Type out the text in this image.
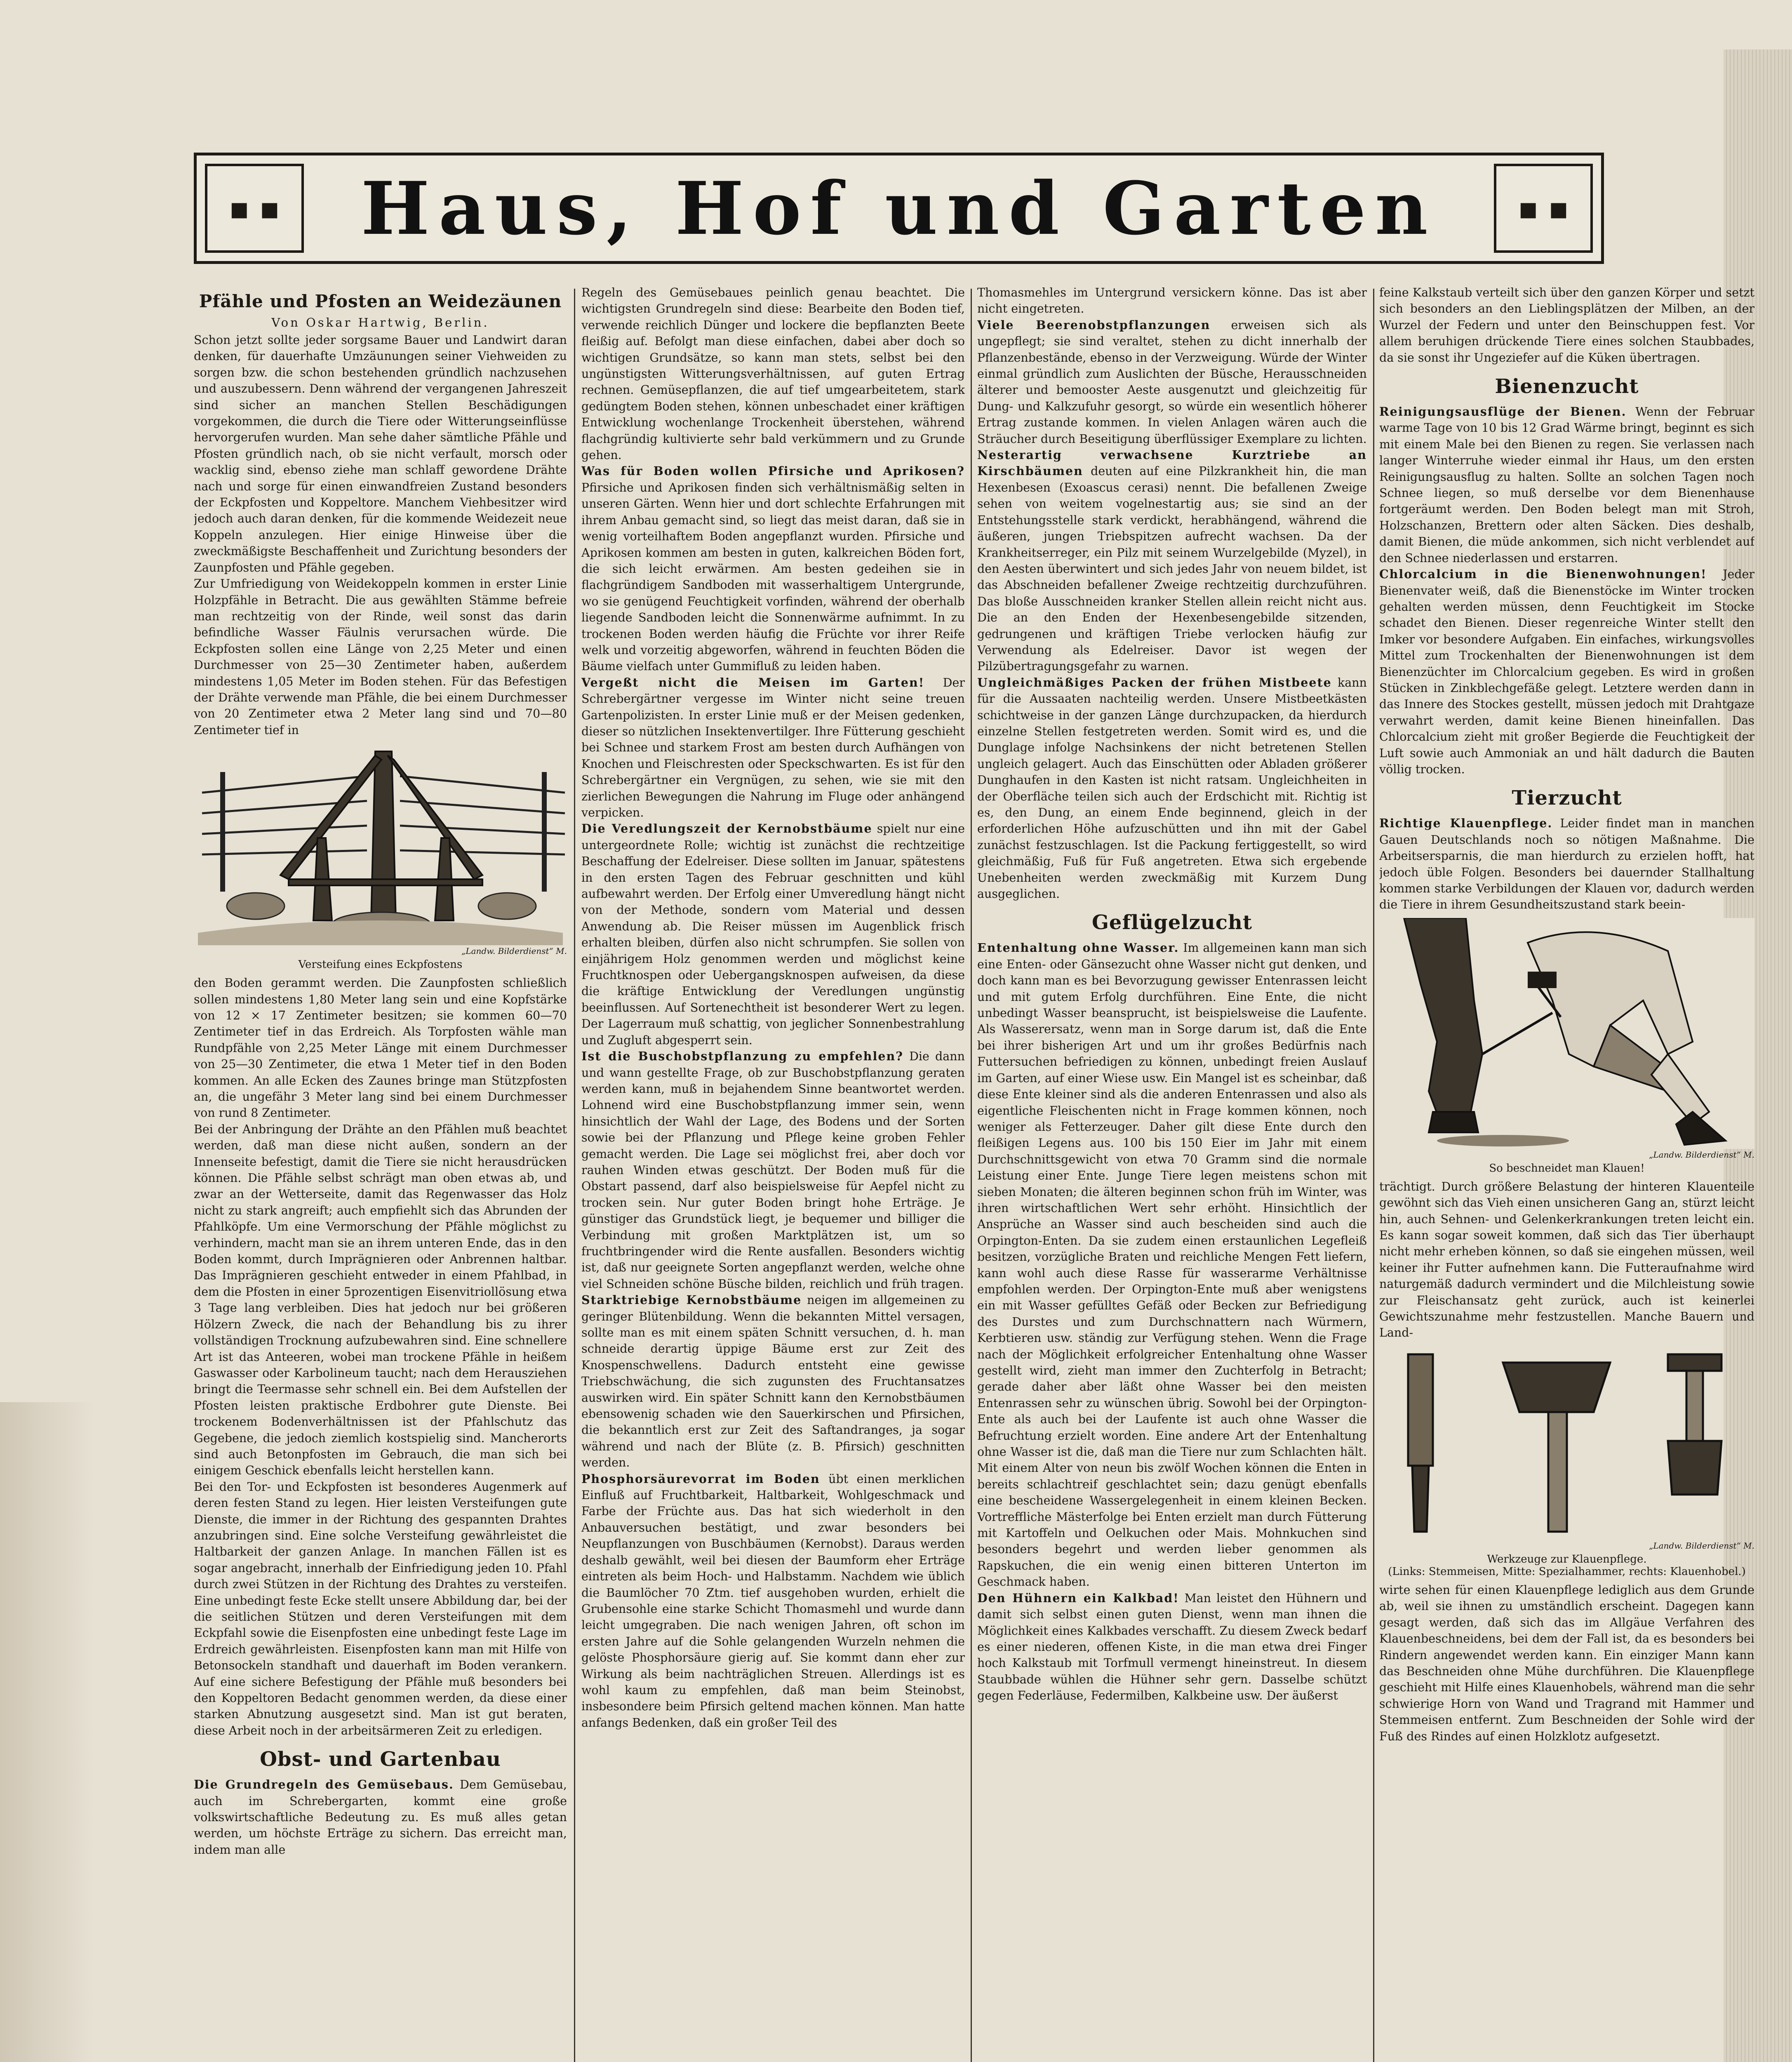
▪ ▪	Haus, Hof und Garten	▪ ▪
Pfähle und Pfosten an Weidezäunen
Von Oskar Hartwig, Berlin.

Schon jetzt sollte jeder sorgsame Bauer und Landwirt daran denken, für dauerhafte Umzäunungen seiner Viehweiden zu sorgen bzw. die schon bestehenden gründlich nachzusehen und auszubessern. Denn während der vergangenen Jahreszeit sind sicher an manchen Stellen Beschädigungen vorgekommen, die durch die Tiere oder Witterungseinflüsse hervorgerufen wurden. Man sehe daher sämtliche Pfähle und Pfosten gründlich nach, ob sie nicht verfault, morsch oder wacklig sind, ebenso ziehe man schlaff gewordene Drähte nach und sorge für einen einwandfreien Zustand besonders der Eckpfosten und Koppeltore. Manchem Viehbesitzer wird jedoch auch daran denken, für die kommende Weidezeit neue Koppeln anzulegen. Hier einige Hinweise über die zweckmäßigste Beschaffenheit und Zurichtung besonders der Zaunpfosten und Pfähle gegeben.

Zur Umfriedigung von Weidekoppeln kommen in erster Linie Holzpfähle in Betracht. Die aus gewählten Stämme befreie man rechtzeitig von der Rinde, weil sonst das darin befindliche Wasser Fäulnis verursachen würde. Die Eckpfosten sollen eine Länge von 2,25 Meter und einen Durchmesser von 25—30 Zentimeter haben, außerdem mindestens 1,05 Meter im Boden stehen. Für das Befestigen der Drähte verwende man Pfähle, die bei einem Durchmesser von 20 Zentimeter etwa 2 Meter lang sind und 70—80 Zentimeter tief in

„Landw. Bilderdienst“ M.
Versteifung eines Eckpfostens

den Boden gerammt werden. Die Zaunpfosten schließlich sollen mindestens 1,80 Meter lang sein und eine Kopfstärke von 12 × 17 Zentimeter besitzen; sie kommen 60—70 Zentimeter tief in das Erdreich. Als Torpfosten wähle man Rundpfähle von 2,25 Meter Länge mit einem Durchmesser von 25—30 Zentimeter, die etwa 1 Meter tief in den Boden kommen. An alle Ecken des Zaunes bringe man Stützpfosten an, die ungefähr 3 Meter lang sind bei einem Durchmesser von rund 8 Zentimeter.

Bei der Anbringung der Drähte an den Pfählen muß beachtet werden, daß man diese nicht außen, sondern an der Innenseite befestigt, damit die Tiere sie nicht herausdrücken können. Die Pfähle selbst schrägt man oben etwas ab, und zwar an der Wetterseite, damit das Regenwasser das Holz nicht zu stark angreift; auch empfiehlt sich das Abrunden der Pfahlköpfe. Um eine Vermorschung der Pfähle möglichst zu verhindern, macht man sie an ihrem unteren Ende, das in den Boden kommt, durch Imprägnieren oder Anbrennen haltbar. Das Imprägnieren geschieht entweder in einem Pfahlbad, in dem die Pfosten in einer 5prozentigen Eisenvitriollösung etwa 3 Tage lang verbleiben. Dies hat jedoch nur bei größeren Hölzern Zweck, die nach der Behandlung bis zu ihrer vollständigen Trocknung aufzubewahren sind. Eine schnellere Art ist das Anteeren, wobei man trockene Pfähle in heißem Gaswasser oder Karbolineum taucht; nach dem Herausziehen bringt die Teermasse sehr schnell ein. Bei dem Aufstellen der Pfosten leisten praktische Erdbohrer gute Dienste. Bei trockenem Bodenverhältnissen ist der Pfahlschutz das Gegebene, die jedoch ziemlich kostspielig sind. Mancherorts sind auch Betonpfosten im Gebrauch, die man sich bei einigem Geschick ebenfalls leicht herstellen kann.

Bei den Tor- und Eckpfosten ist besonderes Augenmerk auf deren festen Stand zu legen. Hier leisten Versteifungen gute Dienste, die immer in der Richtung des gespannten Drahtes anzubringen sind. Eine solche Versteifung gewährleistet die Haltbarkeit der ganzen Anlage. In manchen Fällen ist es sogar angebracht, innerhalb der Einfriedigung jeden 10. Pfahl durch zwei Stützen in der Richtung des Drahtes zu versteifen. Eine unbedingt feste Ecke stellt unsere Abbildung dar, bei der die seitlichen Stützen und deren Versteifungen mit dem Eckpfahl sowie die Eisenpfosten eine unbedingt feste Lage im Erdreich gewährleisten. Eisenpfosten kann man mit Hilfe von Betonsockeln standhaft und dauerhaft im Boden verankern. Auf eine sichere Befestigung der Pfähle muß besonders bei den Koppeltoren Bedacht genommen werden, da diese einer starken Abnutzung ausgesetzt sind. Man ist gut beraten, diese Arbeit noch in der arbeitsärmeren Zeit zu erledigen.

Obst- und Gartenbau

Die Grundregeln des Gemüsebaus. Dem Gemüsebau, auch im Schrebergarten, kommt eine große volkswirtschaftliche Bedeutung zu. Es muß alles getan werden, um höchste Erträge zu sichern. Das erreicht man, indem man alle

Regeln des Gemüsebaues peinlich genau beachtet. Die wichtigsten Grundregeln sind diese: Bearbeite den Boden tief, verwende reichlich Dünger und lockere die bepflanzten Beete fleißig auf. Befolgt man diese einfachen, dabei aber doch so wichtigen Grundsätze, so kann man stets, selbst bei den ungünstigsten Witterungsverhältnissen, auf guten Ertrag rechnen. Gemüsepflanzen, die auf tief umgearbeitetem, stark gedüngtem Boden stehen, können unbeschadet einer kräftigen Entwicklung wochenlange Trockenheit überstehen, während flachgründig kultivierte sehr bald verkümmern und zu Grunde gehen.

Was für Boden wollen Pfirsiche und Aprikosen? Pfirsiche und Aprikosen finden sich verhältnismäßig selten in unseren Gärten. Wenn hier und dort schlechte Erfahrungen mit ihrem Anbau gemacht sind, so liegt das meist daran, daß sie in wenig vorteilhaftem Boden angepflanzt wurden. Pfirsiche und Aprikosen kommen am besten in guten, kalkreichen Böden fort, die sich leicht erwärmen. Am besten gedeihen sie in flachgründigem Sandboden mit wasserhaltigem Untergrunde, wo sie genügend Feuchtigkeit vorfinden, während der oberhalb liegende Sandboden leicht die Sonnenwärme aufnimmt. In zu trockenen Boden werden häufig die Früchte vor ihrer Reife welk und vorzeitig abgeworfen, während in feuchten Böden die Bäume vielfach unter Gummifluß zu leiden haben.

Vergeßt nicht die Meisen im Garten! Der Schrebergärtner vergesse im Winter nicht seine treuen Gartenpolizisten. In erster Linie muß er der Meisen gedenken, dieser so nützlichen Insektenvertilger. Ihre Fütterung geschieht bei Schnee und starkem Frost am besten durch Aufhängen von Knochen und Fleischresten oder Speckschwarten. Es ist für den Schrebergärtner ein Vergnügen, zu sehen, wie sie mit den zierlichen Bewegungen die Nahrung im Fluge oder anhängend verpicken.

Die Veredlungszeit der Kernobstbäume spielt nur eine untergeordnete Rolle; wichtig ist zunächst die rechtzeitige Beschaffung der Edelreiser. Diese sollten im Januar, spätestens in den ersten Tagen des Februar geschnitten und kühl aufbewahrt werden. Der Erfolg einer Umveredlung hängt nicht von der Methode, sondern vom Material und dessen Anwendung ab. Die Reiser müssen im Augenblick frisch erhalten bleiben, dürfen also nicht schrumpfen. Sie sollen von einjährigem Holz genommen werden und möglichst keine Fruchtknospen oder Uebergangsknospen aufweisen, da diese die kräftige Entwicklung der Veredlungen ungünstig beeinflussen. Auf Sortenechtheit ist besonderer Wert zu legen. Der Lagerraum muß schattig, von jeglicher Sonnenbestrahlung und Zugluft abgesperrt sein.

Ist die Buschobstpflanzung zu empfehlen? Die dann und wann gestellte Frage, ob zur Buschobstpflanzung geraten werden kann, muß in bejahendem Sinne beantwortet werden. Lohnend wird eine Buschobstpflanzung immer sein, wenn hinsichtlich der Wahl der Lage, des Bodens und der Sorten sowie bei der Pflanzung und Pflege keine groben Fehler gemacht werden. Die Lage sei möglichst frei, aber doch vor rauhen Winden etwas geschützt. Der Boden muß für die Obstart passend, darf also beispielsweise für Aepfel nicht zu trocken sein. Nur guter Boden bringt hohe Erträge. Je günstiger das Grundstück liegt, je bequemer und billiger die Verbindung mit großen Marktplätzen ist, um so fruchtbringender wird die Rente ausfallen. Besonders wichtig ist, daß nur geeignete Sorten angepflanzt werden, welche ohne viel Schneiden schöne Büsche bilden, reichlich und früh tragen.

Starktriebige Kernobstbäume neigen im allgemeinen zu geringer Blütenbildung. Wenn die bekannten Mittel versagen, sollte man es mit einem späten Schnitt versuchen, d. h. man schneide derartig üppige Bäume erst zur Zeit des Knospenschwellens. Dadurch entsteht eine gewisse Triebschwächung, die sich zugunsten des Fruchtansatzes auswirken wird. Ein später Schnitt kann den Kernobstbäumen ebensowenig schaden wie den Sauerkirschen und Pfirsichen, die bekanntlich erst zur Zeit des Saftandranges, ja sogar während und nach der Blüte (z. B. Pfirsich) geschnitten werden.

Phosphorsäurevorrat im Boden übt einen merklichen Einfluß auf Fruchtbarkeit, Haltbarkeit, Wohlgeschmack und Farbe der Früchte aus. Das hat sich wiederholt in den Anbauversuchen bestätigt, und zwar besonders bei Neupflanzungen von Buschbäumen (Kernobst). Daraus werden deshalb gewählt, weil bei diesen der Baumform eher Erträge eintreten als beim Hoch- und Halbstamm. Nachdem wie üblich die Baumlöcher 70 Ztm. tief ausgehoben wurden, erhielt die Grubensohle eine starke Schicht Thomasmehl und wurde dann leicht umgegraben. Die nach wenigen Jahren, oft schon im ersten Jahre auf die Sohle gelangenden Wurzeln nehmen die gelöste Phosphorsäure gierig auf. Sie kommt dann eher zur Wirkung als beim nachträglichen Streuen. Allerdings ist es wohl kaum zu empfehlen, daß man beim Steinobst, insbesondere beim Pfirsich geltend machen können. Man hatte anfangs Bedenken, daß ein großer Teil des

Thomasmehles im Untergrund versickern könne. Das ist aber nicht eingetreten.

Viele Beerenobstpflanzungen erweisen sich als ungepflegt; sie sind veraltet, stehen zu dicht innerhalb der Pflanzenbestände, ebenso in der Verzweigung. Würde der Winter einmal gründlich zum Auslichten der Büsche, Herausschneiden älterer und bemooster Aeste ausgenutzt und gleichzeitig für Dung- und Kalkzufuhr gesorgt, so würde ein wesentlich höherer Ertrag zustande kommen. In vielen Anlagen wären auch die Sträucher durch Beseitigung überflüssiger Exemplare zu lichten.

Nesterartig verwachsene Kurztriebe an Kirschbäumen deuten auf eine Pilzkrankheit hin, die man Hexenbesen (Exoascus cerasi) nennt. Die befallenen Zweige sehen von weitem vogelnestartig aus; sie sind an der Entstehungsstelle stark verdickt, herabhängend, während die äußeren, jungen Triebspitzen aufrecht wachsen. Da der Krankheitserreger, ein Pilz mit seinem Wurzelgebilde (Myzel), in den Aesten überwintert und sich jedes Jahr von neuem bildet, ist das Abschneiden befallener Zweige rechtzeitig durchzuführen. Das bloße Ausschneiden kranker Stellen allein reicht nicht aus. Die an den Enden der Hexenbesengebilde sitzenden, gedrungenen und kräftigen Triebe verlocken häufig zur Verwendung als Edelreiser. Davor ist wegen der Pilzübertragungsgefahr zu warnen.

Ungleichmäßiges Packen der frühen Mistbeete kann für die Aussaaten nachteilig werden. Unsere Mistbeetkästen schichtweise in der ganzen Länge durchzupacken, da hierdurch einzelne Stellen festgetreten werden. Somit wird es, und die Dunglage infolge Nachsinkens der nicht betretenen Stellen ungleich gelagert. Auch das Einschütten oder Abladen größerer Dunghaufen in den Kasten ist nicht ratsam. Ungleichheiten in der Oberfläche teilen sich auch der Erdschicht mit. Richtig ist es, den Dung, an einem Ende beginnend, gleich in der erforderlichen Höhe aufzuschütten und ihn mit der Gabel zunächst festzuschlagen. Ist die Packung fertiggestellt, so wird gleichmäßig, Fuß für Fuß angetreten. Etwa sich ergebende Unebenheiten werden zweckmäßig mit Kurzem Dung ausgeglichen.

Geflügelzucht

Entenhaltung ohne Wasser. Im allgemeinen kann man sich eine Enten- oder Gänsezucht ohne Wasser nicht gut denken, und doch kann man es bei Bevorzugung gewisser Entenrassen leicht und mit gutem Erfolg durchführen. Eine Ente, die nicht unbedingt Wasser beansprucht, ist beispielsweise die Laufente. Als Wasserersatz, wenn man in Sorge darum ist, daß die Ente bei ihrer bisherigen Art und um ihr großes Bedürfnis nach Futtersuchen befriedigen zu können, unbedingt freien Auslauf im Garten, auf einer Wiese usw. Ein Mangel ist es scheinbar, daß diese Ente kleiner sind als die anderen Entenrassen und also als eigentliche Fleischenten nicht in Frage kommen können, noch weniger als Fetterzeuger. Daher gilt diese Ente durch den fleißigen Legens aus. 100 bis 150 Eier im Jahr mit einem Durchschnittsgewicht von etwa 70 Gramm sind die normale Leistung einer Ente. Junge Tiere legen meistens schon mit sieben Monaten; die älteren beginnen schon früh im Winter, was ihren wirtschaftlichen Wert sehr erhöht. Hinsichtlich der Ansprüche an Wasser sind auch bescheiden sind auch die Orpington-Enten. Da sie zudem einen erstaunlichen Legefleiß besitzen, vorzügliche Braten und reichliche Mengen Fett liefern, kann wohl auch diese Rasse für wasserarme Verhältnisse empfohlen werden. Der Orpington-Ente muß aber wenigstens ein mit Wasser gefülltes Gefäß oder Becken zur Befriedigung des Durstes und zum Durchschnattern nach Würmern, Kerbtieren usw. ständig zur Verfügung stehen. Wenn die Frage nach der Möglichkeit erfolgreicher Entenhaltung ohne Wasser gestellt wird, zieht man immer den Zuchterfolg in Betracht; gerade daher aber läßt ohne Wasser bei den meisten Entenrassen sehr zu wünschen übrig. Sowohl bei der Orpington-Ente als auch bei der Laufente ist auch ohne Wasser die Befruchtung erzielt worden. Eine andere Art der Entenhaltung ohne Wasser ist die, daß man die Tiere nur zum Schlachten hält. Mit einem Alter von neun bis zwölf Wochen können die Enten in bereits schlachtreif geschlachtet sein; dazu genügt ebenfalls eine bescheidene Wassergelegenheit in einem kleinen Becken. Vortreffliche Mästerfolge bei Enten erzielt man durch Fütterung mit Kartoffeln und Oelkuchen oder Mais. Mohnkuchen sind besonders begehrt und werden lieber genommen als Rapskuchen, die ein wenig einen bitteren Unterton im Geschmack haben.

Den Hühnern ein Kalkbad! Man leistet den Hühnern und damit sich selbst einen guten Dienst, wenn man ihnen die Möglichkeit eines Kalkbades verschafft. Zu diesem Zweck bedarf es einer niederen, offenen Kiste, in die man etwa drei Finger hoch Kalkstaub mit Torfmull vermengt hineinstreut. In diesem Staubbade wühlen die Hühner sehr gern. Dasselbe schützt gegen Federläuse, Federmilben, Kalkbeine usw. Der äußerst

feine Kalkstaub verteilt sich über den ganzen Körper und setzt sich besonders an den Lieblingsplätzen der Milben, an der Wurzel der Federn und unter den Beinschuppen fest. Vor allem beruhigen drückende Tiere eines solchen Staubbades, da sie sonst ihr Ungeziefer auf die Küken übertragen.

Bienenzucht

Reinigungsausflüge der Bienen. Wenn der Februar warme Tage von 10 bis 12 Grad Wärme bringt, beginnt es sich mit einem Male bei den Bienen zu regen. Sie verlassen nach langer Winterruhe wieder einmal ihr Haus, um den ersten Reinigungsausflug zu halten. Sollte an solchen Tagen noch Schnee liegen, so muß derselbe vor dem Bienenhause fortgeräumt werden. Den Boden belegt man mit Stroh, Holzschanzen, Brettern oder alten Säcken. Dies deshalb, damit Bienen, die müde ankommen, sich nicht verblendet auf den Schnee niederlassen und erstarren.

Chlorcalcium in die Bienenwohnungen! Jeder Bienenvater weiß, daß die Bienenstöcke im Winter trocken gehalten werden müssen, denn Feuchtigkeit im Stocke schadet den Bienen. Dieser regenreiche Winter stellt den Imker vor besondere Aufgaben. Ein einfaches, wirkungsvolles Mittel zum Trockenhalten der Bienenwohnungen ist dem Bienenzüchter im Chlorcalcium gegeben. Es wird in großen Stücken in Zinkblechgefäße gelegt. Letztere werden dann in das Innere des Stockes gestellt, müssen jedoch mit Drahtgaze verwahrt werden, damit keine Bienen hineinfallen. Das Chlorcalcium zieht mit großer Begierde die Feuchtigkeit der Luft sowie auch Ammoniak an und hält dadurch die Bauten völlig trocken.

Tierzucht

Richtige Klauenpflege. Leider findet man in manchen Gauen Deutschlands noch so nötigen Maßnahme. Die Arbeitsersparnis, die man hierdurch zu erzielen hofft, hat jedoch üble Folgen. Besonders bei dauernder Stallhaltung kommen starke Verbildungen der Klauen vor, dadurch werden die Tiere in ihrem Gesundheitszustand stark beein-

„Landw. Bilderdienst“ M.
So beschneidet man Klauen!

trächtigt. Durch größere Belastung der hinteren Klauenteile gewöhnt sich das Vieh einen unsicheren Gang an, stürzt leicht hin, auch Sehnen- und Gelenkerkrankungen treten leicht ein. Es kann sogar soweit kommen, daß sich das Tier überhaupt nicht mehr erheben können, so daß sie eingehen müssen, weil keiner ihr Futter aufnehmen kann. Die Futteraufnahme wird naturgemäß dadurch vermindert und die Milchleistung sowie zur Fleischansatz geht zurück, auch ist keinerlei Gewichtszunahme mehr festzustellen. Manche Bauern und Land-

„Landw. Bilderdienst“ M.
Werkzeuge zur Klauenpflege.
(Links: Stemmeisen, Mitte: Spezialhammer, rechts: Klauenhobel.)

wirte sehen für einen Klauenpflege lediglich aus dem Grunde ab, weil sie ihnen zu umständlich erscheint. Dagegen kann gesagt werden, daß sich das im Allgäue Verfahren des Klauenbeschneidens, bei dem der Fall ist, da es besonders bei Rindern angewendet werden kann. Ein einziger Mann kann das Beschneiden ohne Mühe durchführen. Die Klauenpflege geschieht mit Hilfe eines Klauenhobels, während man die sehr schwierige Horn von Wand und Tragrand mit Hammer und Stemmeisen entfernt. Zum Beschneiden der Sohle wird der Fuß des Rindes auf einen Holzklotz aufgesetzt.
